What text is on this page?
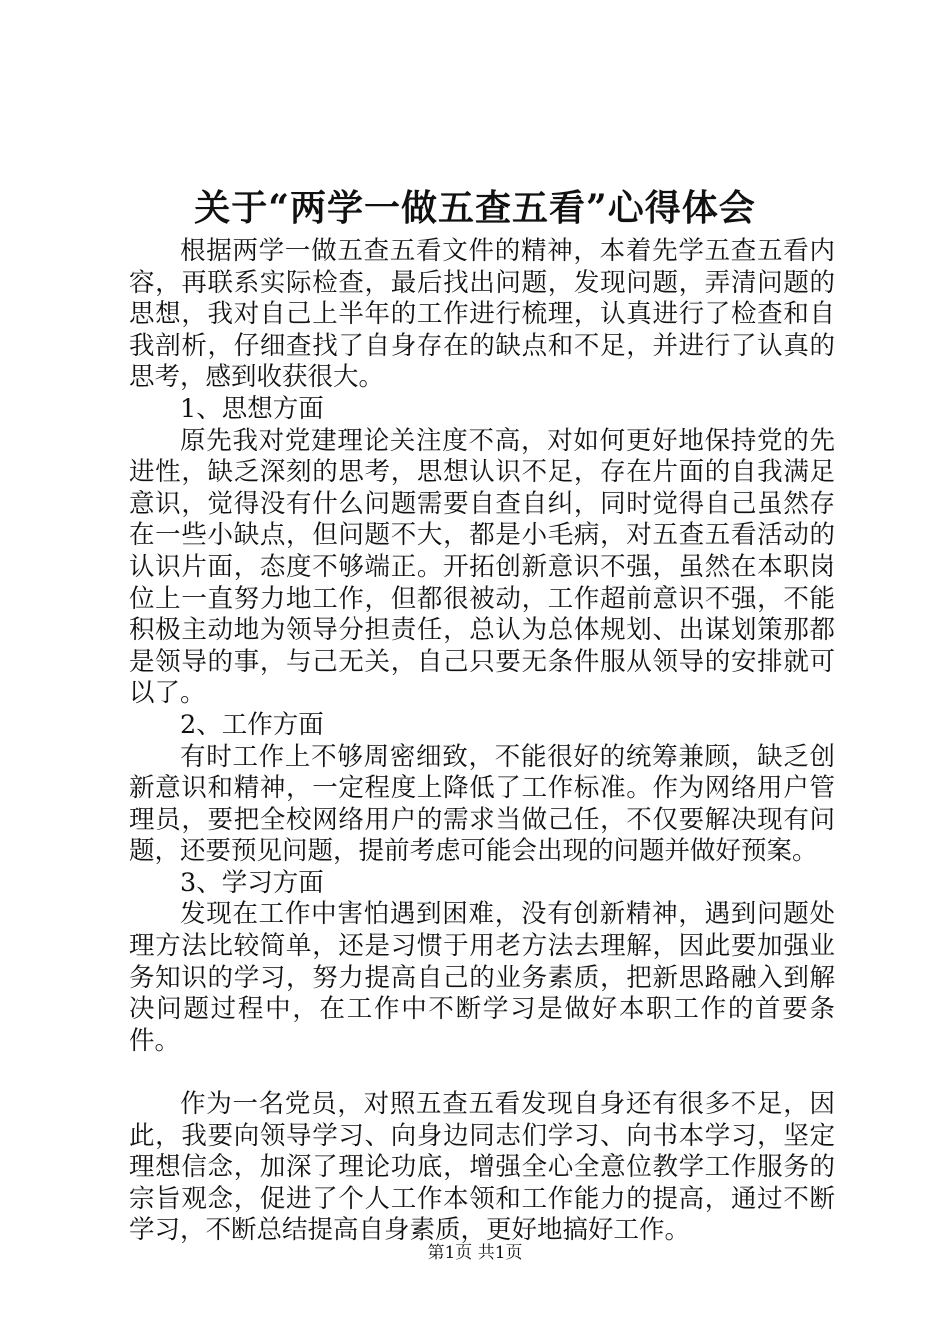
关于“两学一做五查五看”心得体会

根据两学一做五查五看文件的精神，本着先学五查五看内容，再联系实际检查，最后找出问题，发现问题，弄清问题的思想，我对自己上半年的工作进行梳理，认真进行了检查和自我剖析，仔细查找了自身存在的缺点和不足，并进行了认真的思考，感到收获很大。

1、思想方面

原先我对党建理论关注度不高，对如何更好地保持党的先进性，缺乏深刻的思考，思想认识不足，存在片面的自我满足意识，觉得没有什么问题需要自查自纠，同时觉得自己虽然存在一些小缺点，但问题不大，都是小毛病，对五查五看活动的认识片面，态度不够端正。开拓创新意识不强，虽然在本职岗位上一直努力地工作，但都很被动，工作超前意识不强，不能积极主动地为领导分担责任，总认为总体规划、出谋划策那都是领导的事，与己无关，自己只要无条件服从领导的安排就可以了。

2、工作方面

有时工作上不够周密细致，不能很好的统筹兼顾，缺乏创新意识和精神，一定程度上降低了工作标准。作为网络用户管理员，要把全校网络用户的需求当做己任，不仅要解决现有问题，还要预见问题，提前考虑可能会出现的问题并做好预案。

3、学习方面

发现在工作中害怕遇到困难，没有创新精神，遇到问题处理方法比较简单，还是习惯于用老方法去理解，因此要加强业务知识的学习，努力提高自己的业务素质，把新思路融入到解决问题过程中，在工作中不断学习是做好本职工作的首要条件。

作为一名党员，对照五查五看发现自身还有很多不足，因此，我要向领导学习、向身边同志们学习、向书本学习，坚定理想信念，加深了理论功底，增强全心全意位教学工作服务的宗旨观念，促进了个人工作本领和工作能力的提高，通过不断学习，不断总结提高自身素质，更好地搞好工作。

第1页 共1页
